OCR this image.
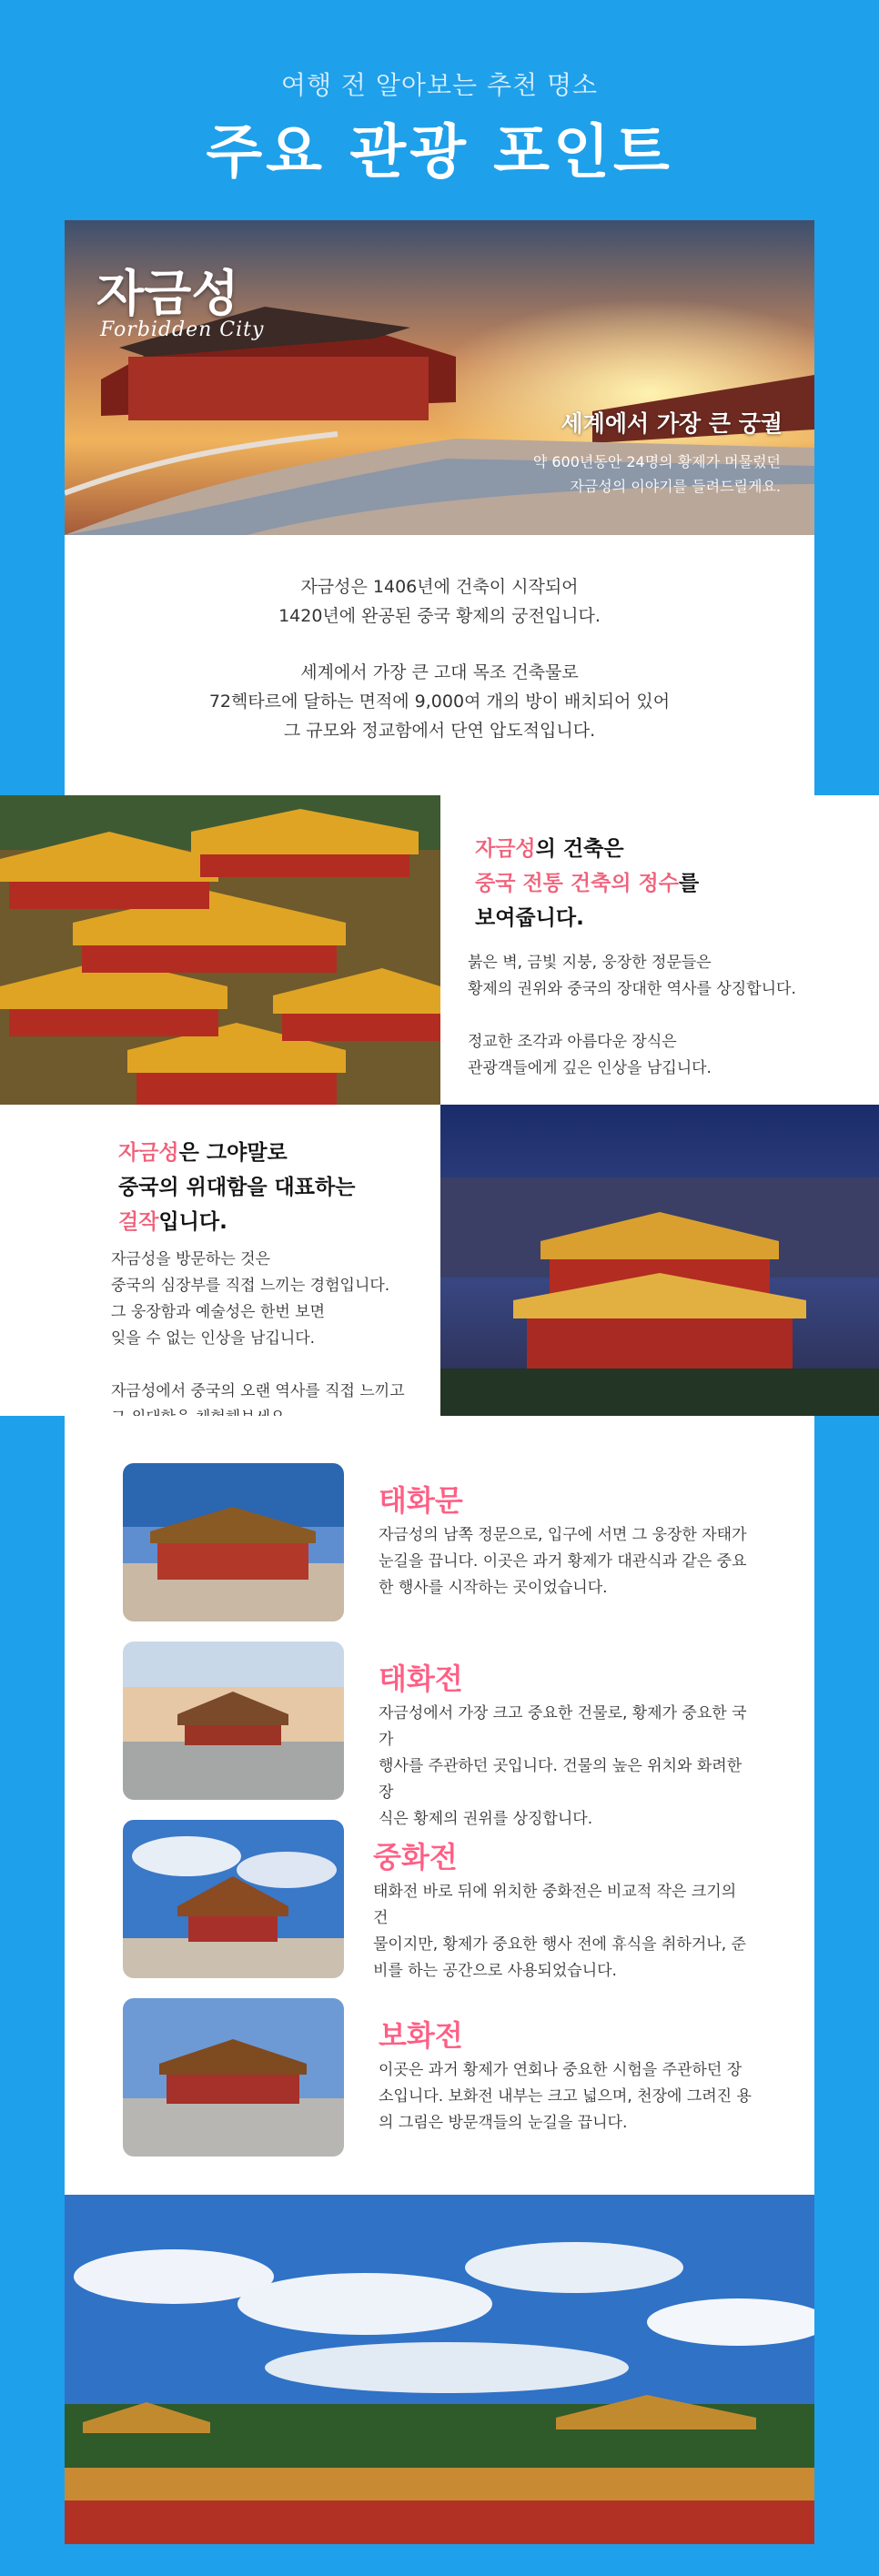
여행 전 알아보는 추천 명소
주요 관광 포인트
자금성
Forbidden City
세계에서 가장 큰 궁궐
약 600년동안 24명의 황제가 머물렀던
자금성의 이야기를 들려드릴게요.
자금성은 1406년에 건축이 시작되어
1420년에 완공된 중국 황제의 궁전입니다.
세계에서 가장 큰 고대 목조 건축물로
72헥타르에 달하는 면적에 9,000여 개의 방이 배치되어 있어
그 규모와 정교함에서 단연 압도적입니다.
자금성의 건축은
중국 전통 건축의 정수를
보여줍니다.
붉은 벽, 금빛 지붕, 웅장한 정문들은
황제의 권위와 중국의 장대한 역사를 상징합니다.
정교한 조각과 아름다운 장식은
관광객들에게 깊은 인상을 남깁니다.
자금성은 그야말로
중국의 위대함을 대표하는
걸작입니다.
자금성을 방문하는 것은
중국의 심장부를 직접 느끼는 경험입니다.
그 웅장함과 예술성은 한번 보면
잊을 수 없는 인상을 남깁니다.
자금성에서 중국의 오랜 역사를 직접 느끼고
태화문
자금성의 남쪽 정문으로, 입구에 서면 그 웅장한 자태가
눈길을 끕니다. 이곳은 과거 황제가 대관식과 같은 중요
한 행사를 시작하는 곳이었습니다.
태화전
자금성에서 가장 크고 중요한 건물로, 황제가 중요한 국가
행사를 주관하던 곳입니다. 건물의 높은 위치와 화려한 장
식은 황제의 권위를 상징합니다.
중화전
태화전 바로 뒤에 위치한 중화전은 비교적 작은 크기의 건
물이지만, 황제가 중요한 행사 전에 휴식을 취하거나, 준
비를 하는 공간으로 사용되었습니다.
보화전
이곳은 과거 황제가 연회나 중요한 시험을 주관하던 장
소입니다. 보화전 내부는 크고 넓으며, 천장에 그려진 용
의 그림은 방문객들의 눈길을 끕니다.
